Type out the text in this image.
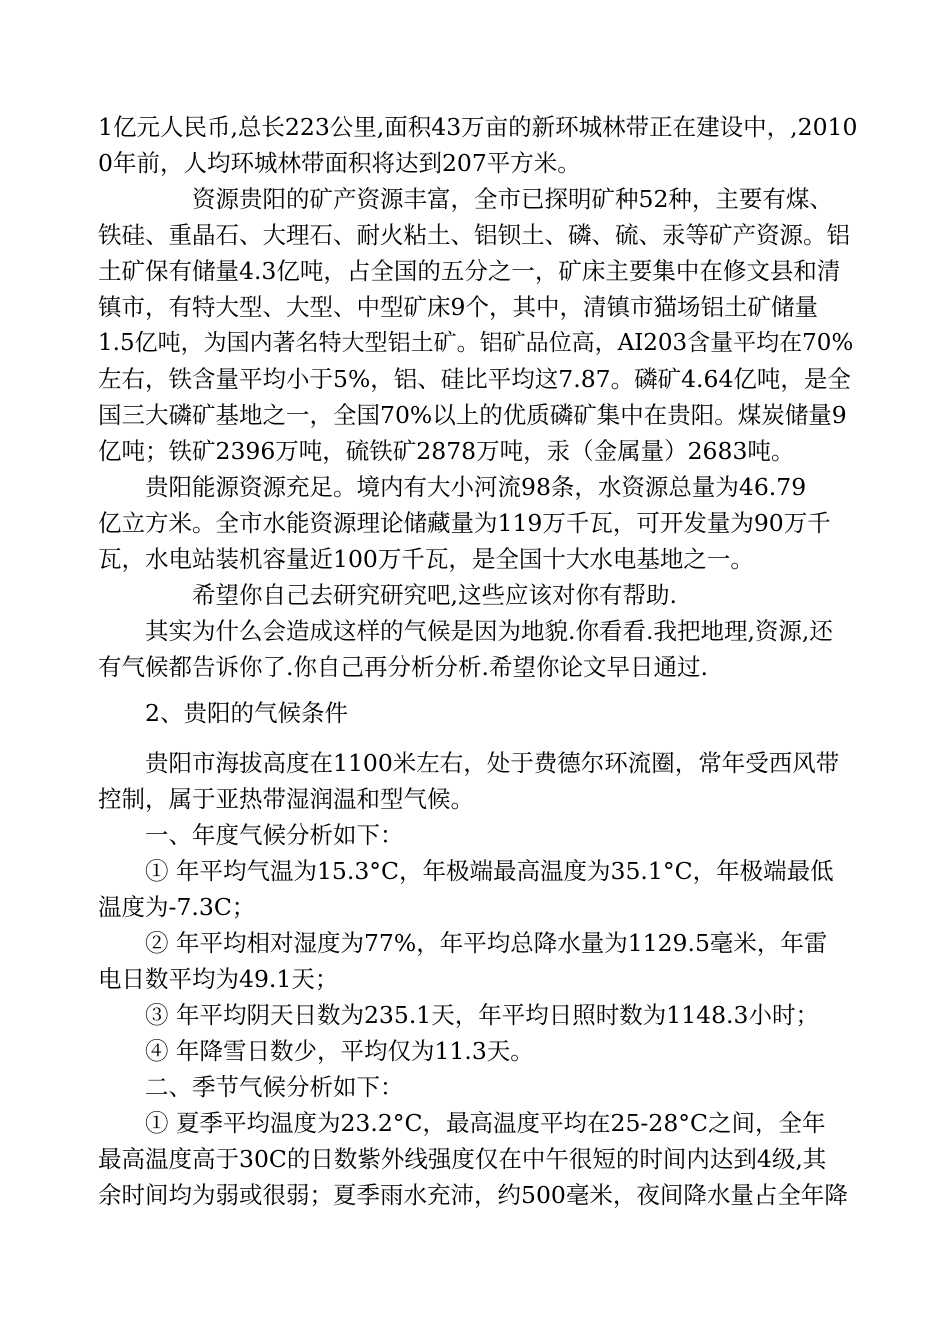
1亿元人民币,总长223公里,面积43万亩的新环城林带正在建设中，,2010
0年前，人均环城林带面积将达到207平方米。
资源贵阳的矿产资源丰富，全市已探明矿种52种，主要有煤、
铁硅、重晶石、大理石、耐火粘土、铝钡土、磷、硫、汞等矿产资源。铝
土矿保有储量4.3亿吨，占全国的五分之一，矿床主要集中在修文县和清
镇市，有特大型、大型、中型矿床9个，其中，清镇市猫场铝土矿储量
1.5亿吨，为国内著名特大型铝土矿。铝矿品位高，AI203含量平均在70%
左右，铁含量平均小于5%，铝、硅比平均这7.87。磷矿4.64亿吨，是全
国三大磷矿基地之一，全国70%以上的优质磷矿集中在贵阳。煤炭储量9
亿吨；铁矿2396万吨，硫铁矿2878万吨，汞（金属量）2683吨。
贵阳能源资源充足。境内有大小河流98条，水资源总量为46.79
亿立方米。全市水能资源理论储藏量为119万千瓦，可开发量为90万千
瓦，水电站装机容量近100万千瓦，是全国十大水电基地之一。
希望你自己去研究研究吧,这些应该对你有帮助.
其实为什么会造成这样的气候是因为地貌.你看看.我把地理,资源,还
有气候都告诉你了.你自己再分析分析.希望你论文早日通过.
2、贵阳的气候条件
贵阳市海拔高度在1100米左右，处于费德尔环流圈，常年受西风带
控制，属于亚热带湿润温和型气候。
一、年度气候分析如下：
① 年平均气温为15.3°C，年极端最高温度为35.1°C，年极端最低
温度为-7.3C；
② 年平均相对湿度为77%，年平均总降水量为1129.5毫米，年雷
电日数平均为49.1天；
③ 年平均阴天日数为235.1天，年平均日照时数为1148.3小时；
④ 年降雪日数少，平均仅为11.3天。
二、季节气候分析如下：
① 夏季平均温度为23.2°C，最高温度平均在25-28°C之间，全年
最高温度高于30C的日数紫外线强度仅在中午很短的时间内达到4级,其
余时间均为弱或很弱；夏季雨水充沛，约500毫米，夜间降水量占全年降
